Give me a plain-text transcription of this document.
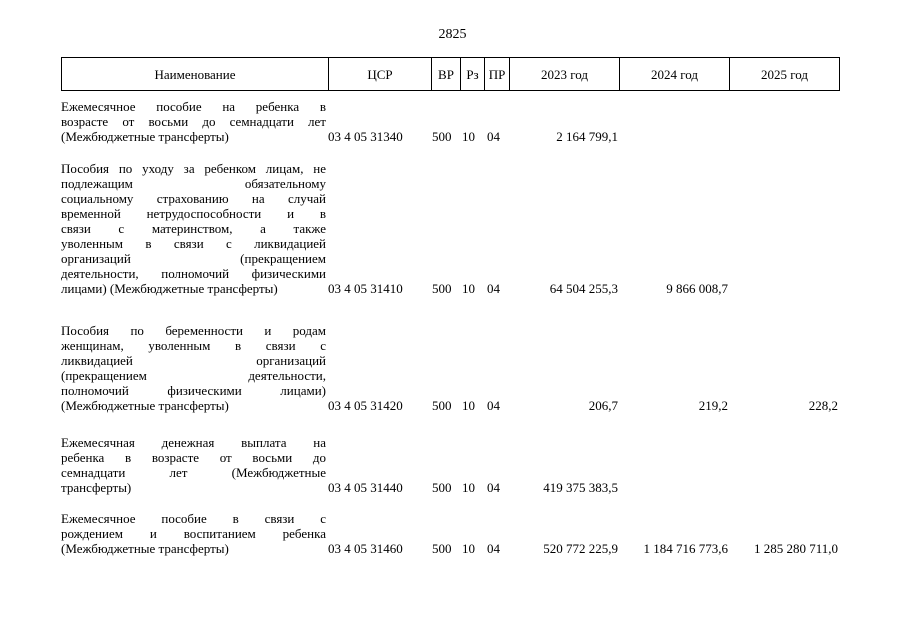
2825
Наименование	ЦСР	ВР Рз ПР	2023 год	2024 год	2025 год
Ежемесячное пособие на ребенка в
возрасте от восьми до семнадцати лет
(Межбюджетные трансферты)	03 4 05 31340	500 10 04	2 164 799,1
Пособия по уходу за ребенком лицам, не
подлежащим обязательному
социальному страхованию на случай
временной нетрудоспособности и в
связи с материнством, а также
уволенным в связи с ликвидацией
организаций (прекращением
деятельности, полномочий физическими
лицами) (Межбюджетные трансферты)	03 4 05 31410	500 10 04	64 504 255,3	9 866 008,7
Пособия по беременности и родам
женщинам, уволенным в связи с
ликвидацией организаций
(прекращением деятельности,
полномочий физическими лицами)
(Межбюджетные трансферты)	03 4 05 31420	500 10 04	206,7	219,2	228,2
Ежемесячная денежная выплата на
ребенка в возрасте от восьми до
семнадцати лет (Межбюджетные
трансферты)	03 4 05 31440	500 10 04	419 375 383,5
Ежемесячное пособие в связи с
рождением и воспитанием ребенка
(Межбюджетные трансферты)	03 4 05 31460	500 10 04	520 772 225,9	1 184 716 773,6	1 285 280 711,0
